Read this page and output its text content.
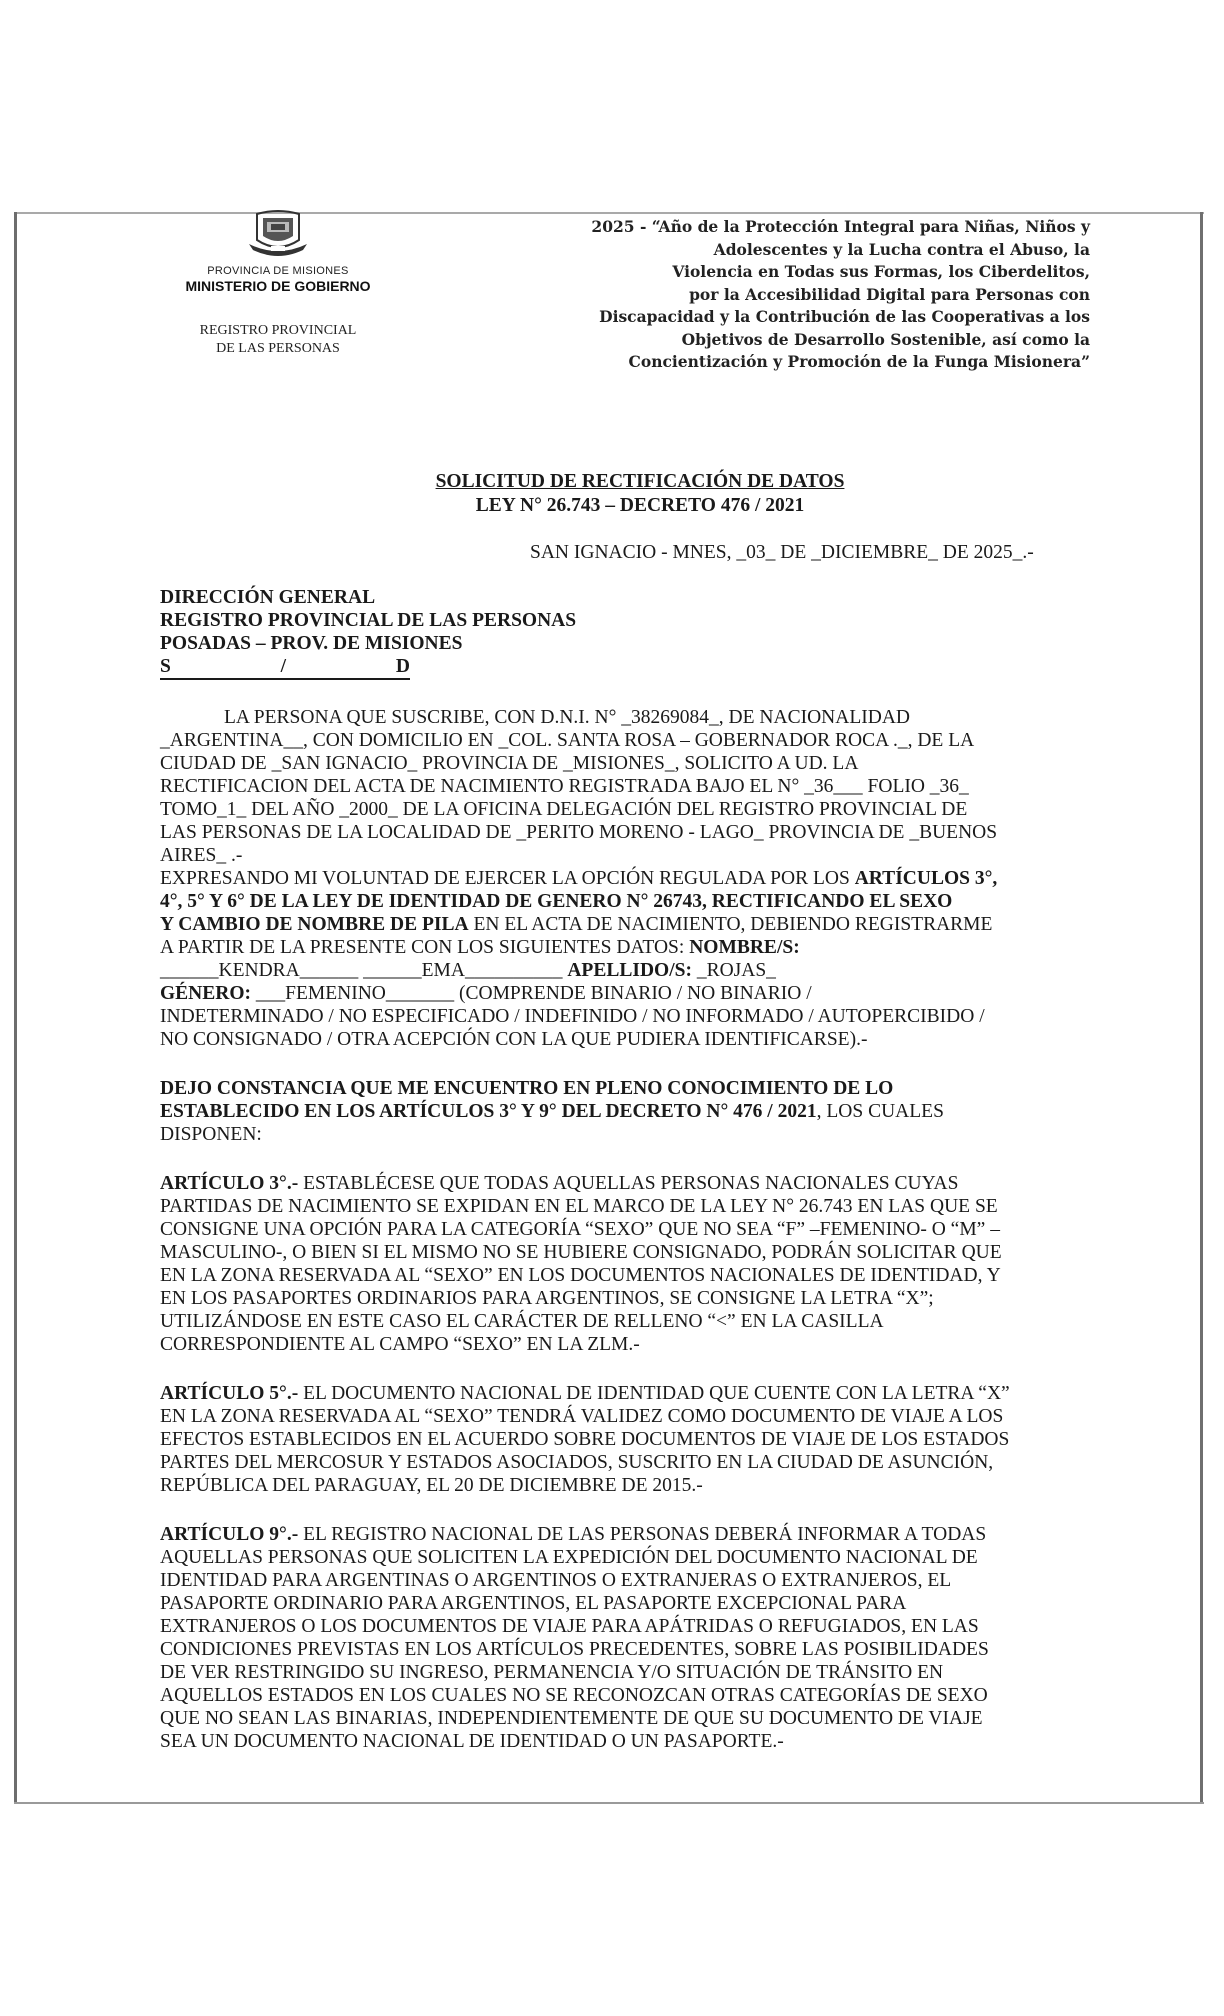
PROVINCIA DE MISIONES
MINISTERIO DE GOBIERNO
REGISTRO PROVINCIAL
DE LAS PERSONAS
2025 - “Año de la Protección Integral para Niñas, Niños y
Adolescentes y la Lucha contra el Abuso, la
Violencia en Todas sus Formas, los Ciberdelitos,
por la Accesibilidad Digital para Personas con
Discapacidad y la Contribución de las Cooperativas a los
Objetivos de Desarrollo Sostenible, así como la
Concientización y Promoción de la Funga Misionera”
SOLICITUD DE RECTIFICACIÓN DE DATOS
LEY N° 26.743 – DECRETO 476 / 2021
SAN IGNACIO - MNES, _03_ DE _DICIEMBRE_ DE 2025_.-
DIRECCIÓN GENERAL
REGISTRO PROVINCIAL DE LAS PERSONAS
POSADAS – PROV. DE MISIONES
S	/	D

LA PERSONA QUE SUSCRIBE, CON D.N.I. N° _38269084_, DE NACIONALIDAD

_ARGENTINA__, CON DOMICILIO EN _COL. SANTA ROSA – GOBERNADOR ROCA ._, DE LA

CIUDAD DE _SAN IGNACIO_ PROVINCIA DE _MISIONES_, SOLICITO A UD. LA

RECTIFICACION DEL ACTA DE NACIMIENTO REGISTRADA BAJO EL N° _36___ FOLIO _36_

TOMO_1_ DEL AÑO _2000_ DE LA OFICINA DELEGACIÓN DEL REGISTRO PROVINCIAL DE

LAS PERSONAS DE LA LOCALIDAD DE _PERITO MORENO - LAGO_ PROVINCIA DE _BUENOS

AIRES_ .-

EXPRESANDO MI VOLUNTAD DE EJERCER LA OPCIÓN REGULADA POR LOS ARTÍCULOS 3°,

4°, 5° Y 6° DE LA LEY DE IDENTIDAD DE GENERO N° 26743, RECTIFICANDO EL SEXO

Y CAMBIO DE NOMBRE DE PILA EN EL ACTA DE NACIMIENTO, DEBIENDO REGISTRARME

A PARTIR DE LA PRESENTE CON LOS SIGUIENTES DATOS: NOMBRE/S:

______KENDRA______ ______EMA__________ APELLIDO/S: _ROJAS_

GÉNERO: ___FEMENINO_______ (COMPRENDE BINARIO / NO BINARIO /

INDETERMINADO / NO ESPECIFICADO / INDEFINIDO / NO INFORMADO / AUTOPERCIBIDO /

NO CONSIGNADO / OTRA ACEPCIÓN CON LA QUE PUDIERA IDENTIFICARSE).-

DEJO CONSTANCIA QUE ME ENCUENTRO EN PLENO CONOCIMIENTO DE LO

ESTABLECIDO EN LOS ARTÍCULOS 3° Y 9° DEL DECRETO N° 476 / 2021, LOS CUALES

DISPONEN:

ARTÍCULO 3°.- ESTABLÉCESE QUE TODAS AQUELLAS PERSONAS NACIONALES CUYAS

PARTIDAS DE NACIMIENTO SE EXPIDAN EN EL MARCO DE LA LEY N° 26.743 EN LAS QUE SE

CONSIGNE UNA OPCIÓN PARA LA CATEGORÍA “SEXO” QUE NO SEA “F” –FEMENINO- O “M” –

MASCULINO-, O BIEN SI EL MISMO NO SE HUBIERE CONSIGNADO, PODRÁN SOLICITAR QUE

EN LA ZONA RESERVADA AL “SEXO” EN LOS DOCUMENTOS NACIONALES DE IDENTIDAD, Y

EN LOS PASAPORTES ORDINARIOS PARA ARGENTINOS, SE CONSIGNE LA LETRA “X”;

UTILIZÁNDOSE EN ESTE CASO EL CARÁCTER DE RELLENO “<” EN LA CASILLA

CORRESPONDIENTE AL CAMPO “SEXO” EN LA ZLM.-

ARTÍCULO 5°.- EL DOCUMENTO NACIONAL DE IDENTIDAD QUE CUENTE CON LA LETRA “X”

EN LA ZONA RESERVADA AL “SEXO” TENDRÁ VALIDEZ COMO DOCUMENTO DE VIAJE A LOS

EFECTOS ESTABLECIDOS EN EL ACUERDO SOBRE DOCUMENTOS DE VIAJE DE LOS ESTADOS

PARTES DEL MERCOSUR Y ESTADOS ASOCIADOS, SUSCRITO EN LA CIUDAD DE ASUNCIÓN,

REPÚBLICA DEL PARAGUAY, EL 20 DE DICIEMBRE DE 2015.-

ARTÍCULO 9°.- EL REGISTRO NACIONAL DE LAS PERSONAS DEBERÁ INFORMAR A TODAS

AQUELLAS PERSONAS QUE SOLICITEN LA EXPEDICIÓN DEL DOCUMENTO NACIONAL DE

IDENTIDAD PARA ARGENTINAS O ARGENTINOS O EXTRANJERAS O EXTRANJEROS, EL

PASAPORTE ORDINARIO PARA ARGENTINOS, EL PASAPORTE EXCEPCIONAL PARA

EXTRANJEROS O LOS DOCUMENTOS DE VIAJE PARA APÁTRIDAS O REFUGIADOS, EN LAS

CONDICIONES PREVISTAS EN LOS ARTÍCULOS PRECEDENTES, SOBRE LAS POSIBILIDADES

DE VER RESTRINGIDO SU INGRESO, PERMANENCIA Y/O SITUACIÓN DE TRÁNSITO EN

AQUELLOS ESTADOS EN LOS CUALES NO SE RECONOZCAN OTRAS CATEGORÍAS DE SEXO

QUE NO SEAN LAS BINARIAS, INDEPENDIENTEMENTE DE QUE SU DOCUMENTO DE VIAJE

SEA UN DOCUMENTO NACIONAL DE IDENTIDAD O UN PASAPORTE.-
